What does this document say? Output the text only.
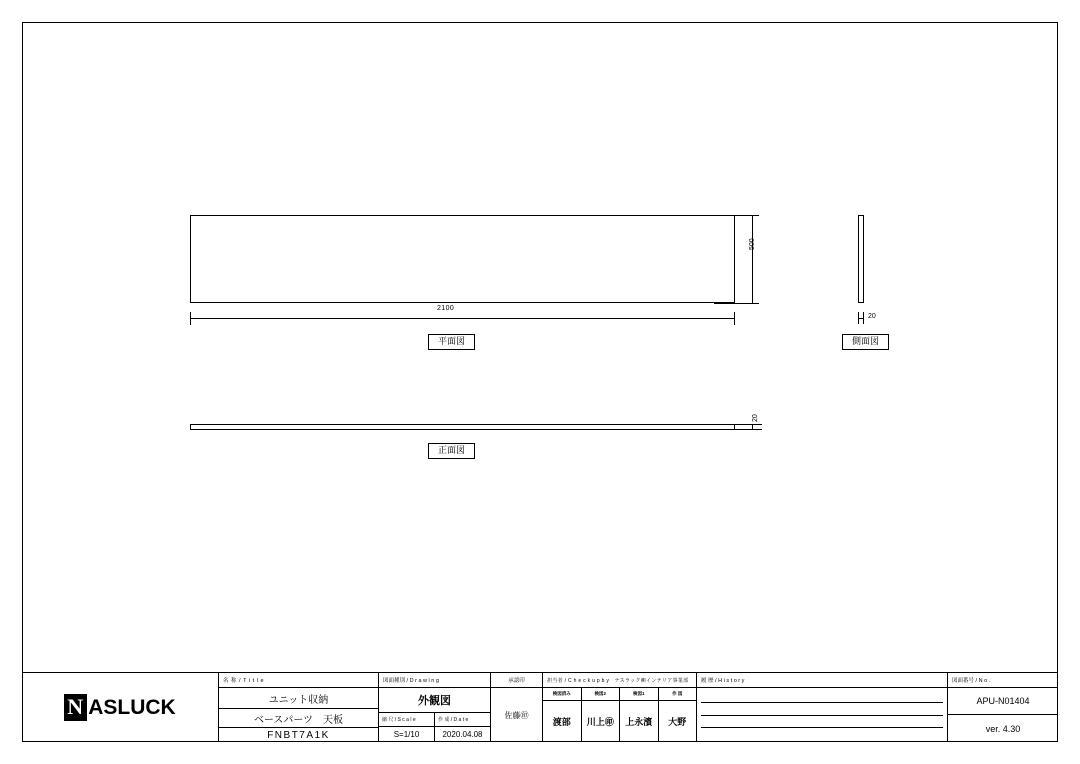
2100
500
平面図
20
側面図
20
正面図
N ASLUCK
名 称 / T i t l e
ユニット収納
ベースパーツ　天板
FNBT7A1K
図面種別 / D r a w i n g
外観図
縮 尺 / S c a l e
S=1/10
作 成 / D a t e
2020.04.08
承認印
佐藤㊞
担当者 / C h e c k u p b y　ナスラック㈱インテリア事業部
検図済み
渡部
検図2
川上㊞
検図1
上永濱
作 図
大野
履 歴 / H i s t o r y	図面番号 / N o .
APU-N01404
ver. 4.30
